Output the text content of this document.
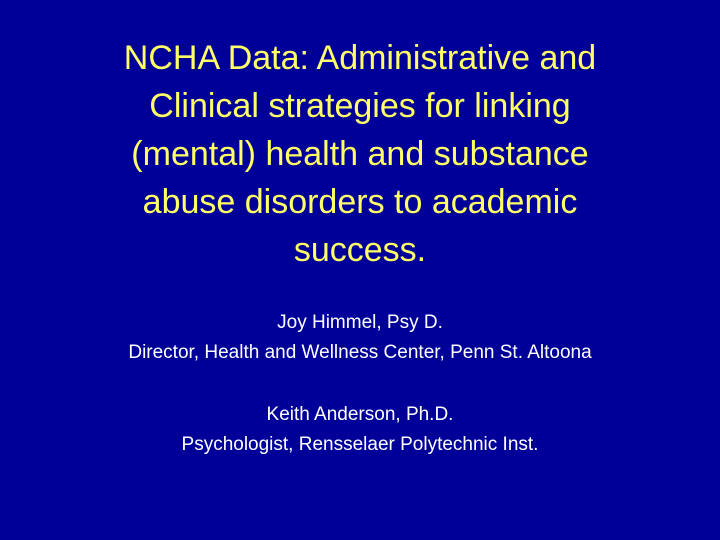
NCHA Data: Administrative and
Clinical strategies for linking
(mental) health and substance
abuse disorders to academic
success.
Joy Himmel, Psy D.
Director, Health and Wellness Center, Penn St. Altoona
Keith Anderson, Ph.D.
Psychologist, Rensselaer Polytechnic Inst.
